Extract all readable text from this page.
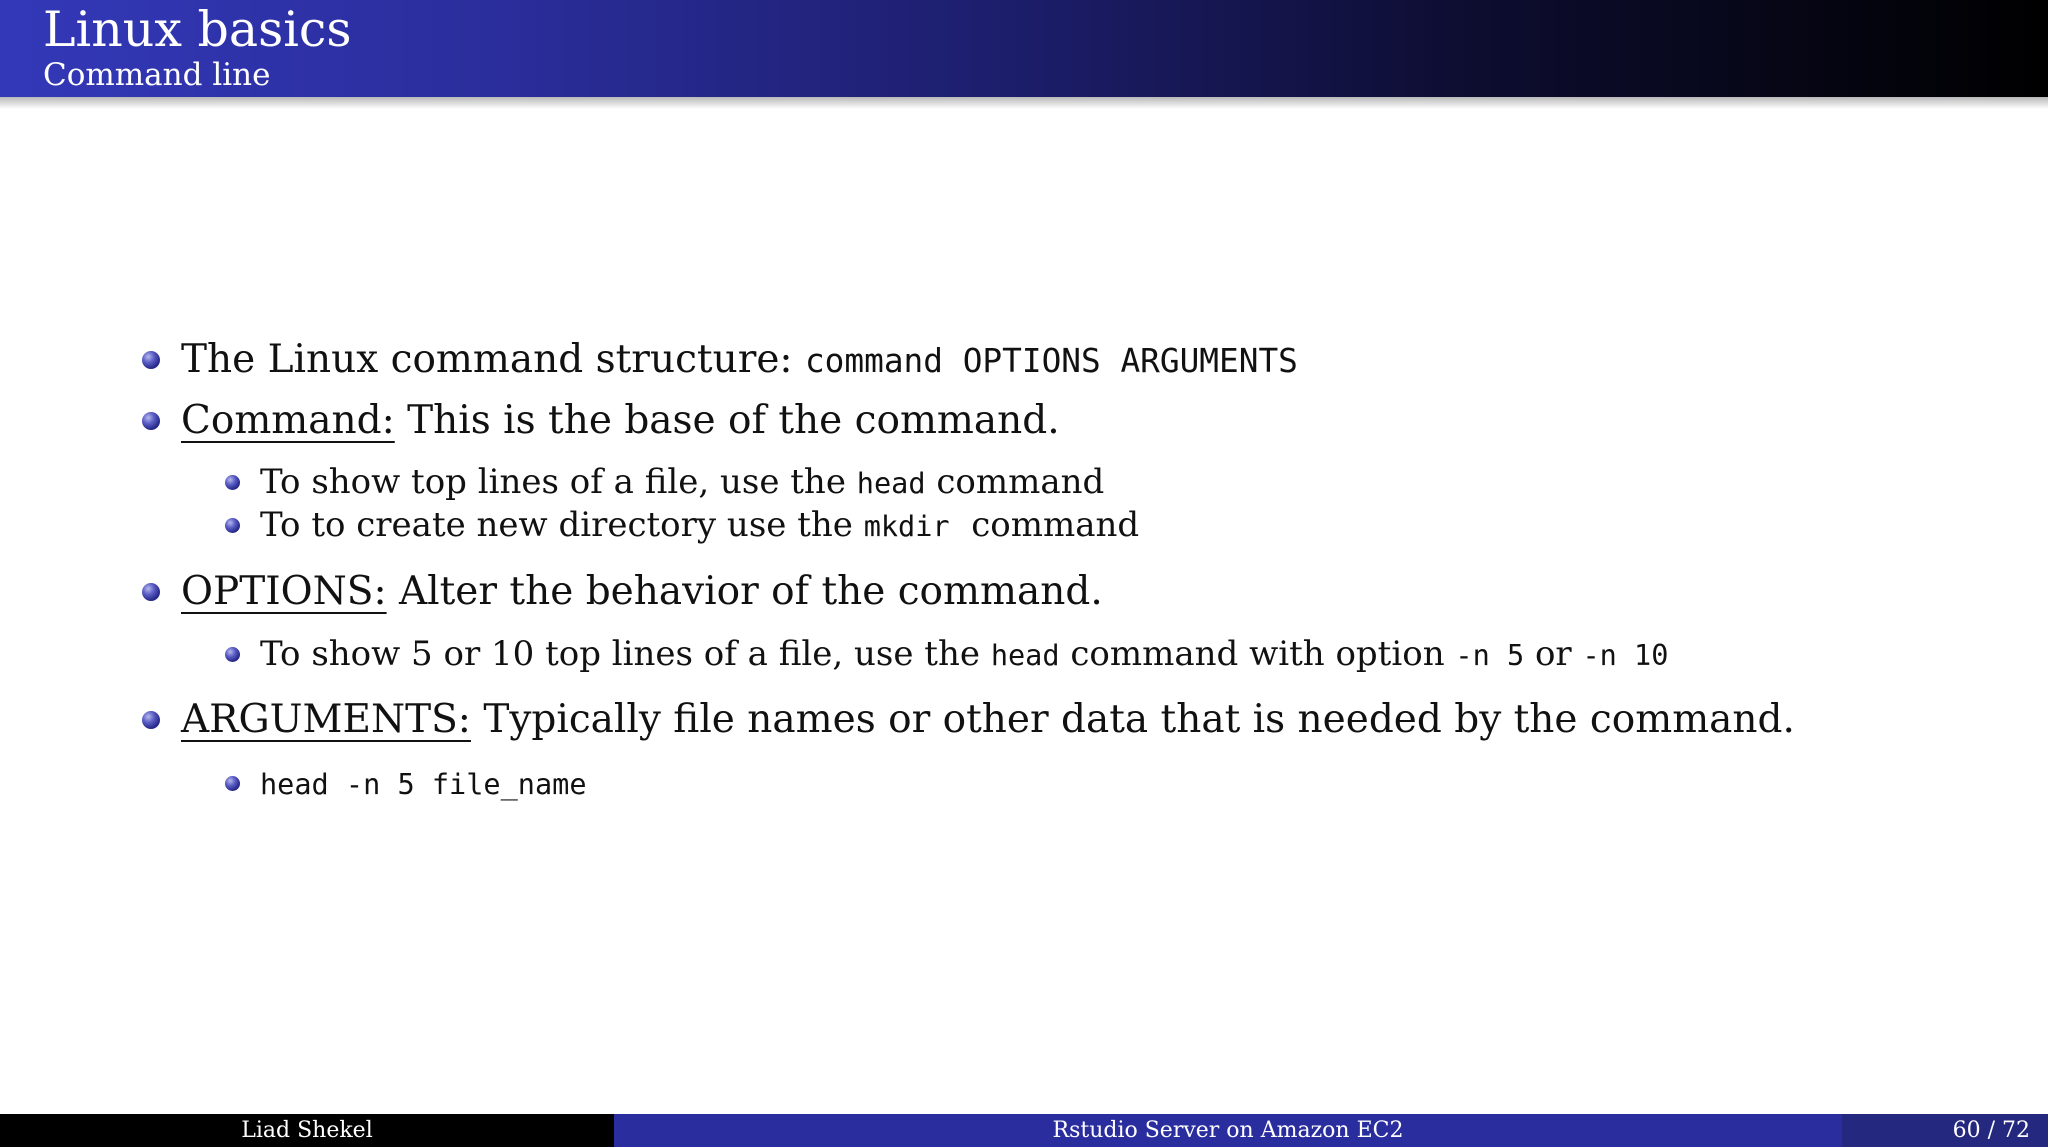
Linux basics
Command line
The Linux command structure: command OPTIONS ARGUMENTS
Command: This is the base of the command.
To show top lines of a file, use the head command
To to create new directory use the mkdir  command
OPTIONS: Alter the behavior of the command.
To show 5 or 10 top lines of a file, use the head command with option -n 5 or -n 10
ARGUMENTS: Typically file names or other data that is needed by the command.
head -n 5 file_name
Liad Shekel	Rstudio Server on Amazon EC2	60 / 72
